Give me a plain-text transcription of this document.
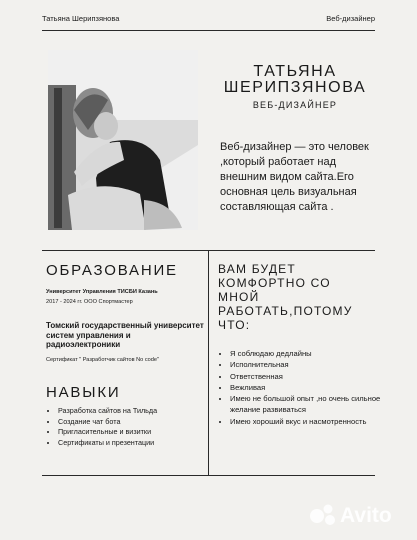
Татьяна Шерипзянова	Веб-дизайнер
ТАТЬЯНА ШЕРИПЗЯНОВА
ВЕБ-ДИЗАЙНЕР
Веб-дизайнер — это человек ,который работает над внешним видом сайта.Его основная цель визуальная составляющая сайта .
ОБРАЗОВАНИЕ
Университет Управления ТИСБИ Казань
2017 - 2024 гг. ООО Спортмастер
Томский государственный университет систем управления и радиоэлектроники
Сертификат " Разработчик сайтов No code"
НАВЫКИ
• Разработка сайтов на Тильда
• Создание чат бота
• Пригласительные и визитки
• Сертификаты и презентации
ВАМ БУДЕТ КОМФОРТНО СО МНОЙ РАБОТАТЬ,ПОТОМУ ЧТО:
• Я соблюдаю дедлайны
• Исполнительная
• Ответственная
• Вежливая
• Имею не большой опыт ,но очень сильное желание развиваться
• Имею хороший вкус и насмотренность
Avito
